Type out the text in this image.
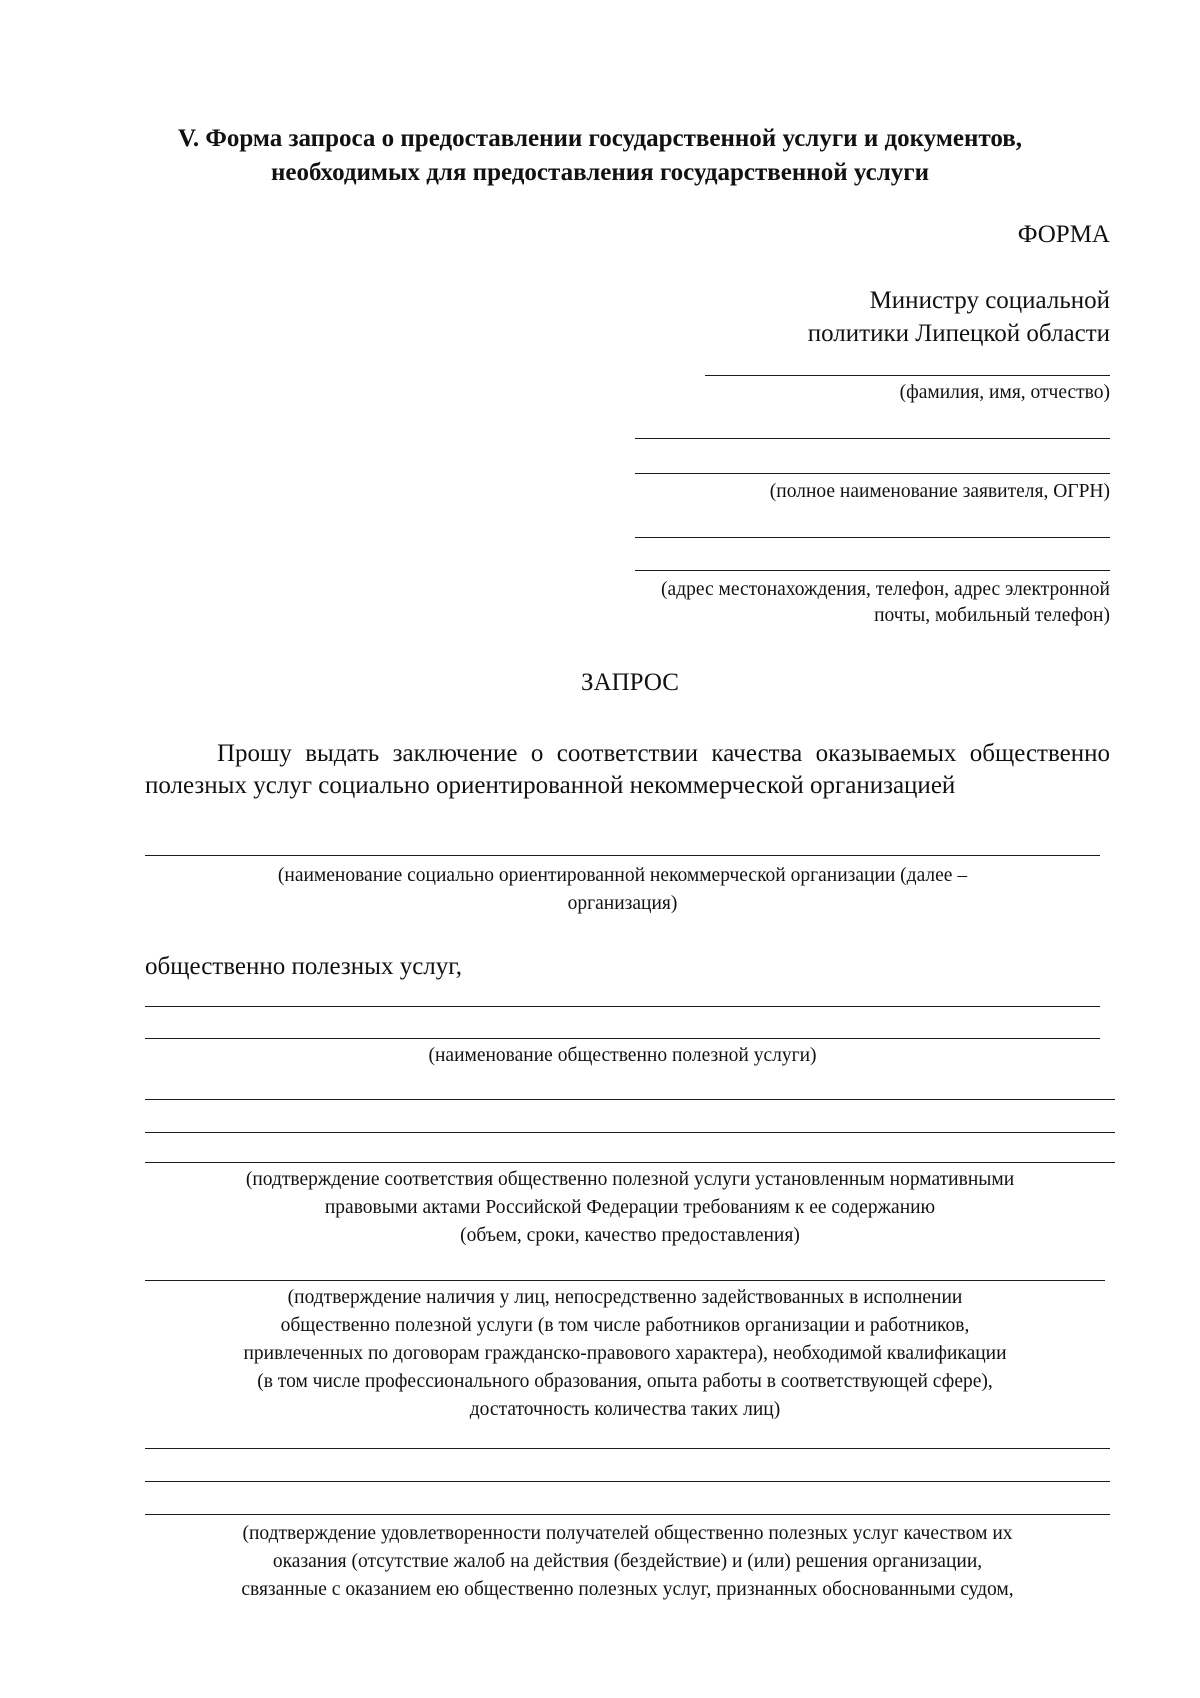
V. Форма запроса о предоставлении государственной услуги и документов,
необходимых для предоставления государственной услуги
ФОРМА
Министру социальной
политики Липецкой области
(фамилия, имя, отчество)
(полное наименование заявителя, ОГРН)
(адрес местонахождения, телефон, адрес электронной
почты, мобильный телефон)
ЗАПРОС
Прошу выдать заключение о соответствии качества оказываемых общественно полезных услуг социально ориентированной некоммерческой организацией
(наименование социально ориентированной некоммерческой организации (далее –
организация)
общественно полезных услуг,
(наименование общественно полезной услуги)
(подтверждение соответствия общественно полезной услуги установленным нормативными
правовыми актами Российской Федерации требованиям к ее содержанию
(объем, сроки, качество предоставления)
(подтверждение наличия у лиц, непосредственно задействованных в исполнении
общественно полезной услуги (в том числе работников организации и работников,
привлеченных по договорам гражданско-правового характера), необходимой квалификации
(в том числе профессионального образования, опыта работы в соответствующей сфере),
достаточность количества таких лиц)
(подтверждение удовлетворенности получателей общественно полезных услуг качеством их
оказания (отсутствие жалоб на действия (бездействие) и (или) решения организации,
связанные с оказанием ею общественно полезных услуг, признанных обоснованными судом,
